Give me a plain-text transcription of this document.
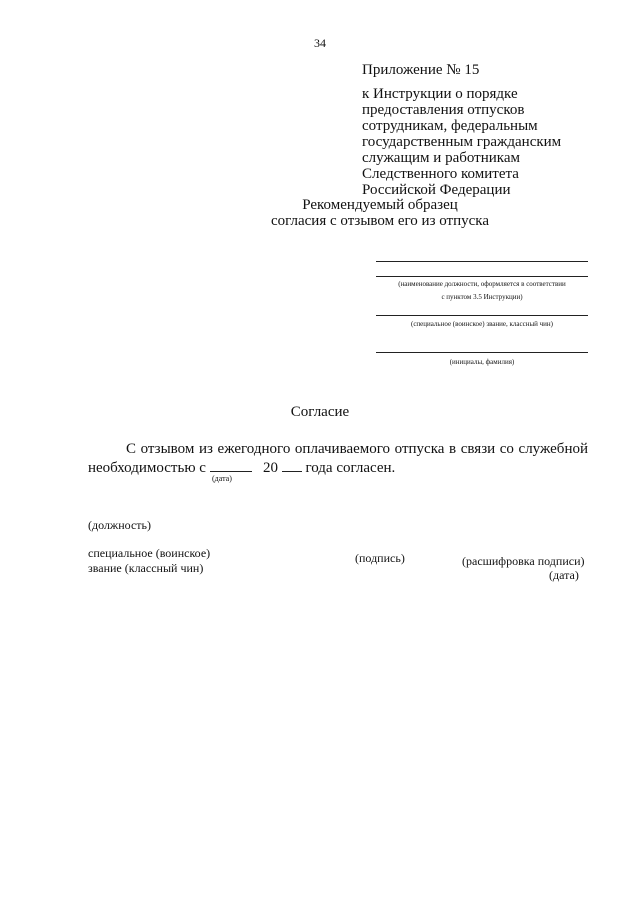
34
Приложение № 15
к Инструкции о порядке
предоставления отпусков
сотрудникам, федеральным
государственным гражданским
служащим и работникам
Следственного комитета
Российской Федерации
Рекомендуемый образец
согласия с отзывом его из отпуска
(наименование должности, оформляется в соответствии
с пунктом 3.5 Инструкции)
(специальное (воинское) звание, классный чин)
(инициалы, фамилия)
Согласие
С отзывом из ежегодного оплачиваемого отпуска в связи со служебной
необходимостью с	20 года согласен.
(дата)
(должность)
специальное (воинское)
звание (классный чин)
(подпись)	(расшифровка подписи)
(дата)
